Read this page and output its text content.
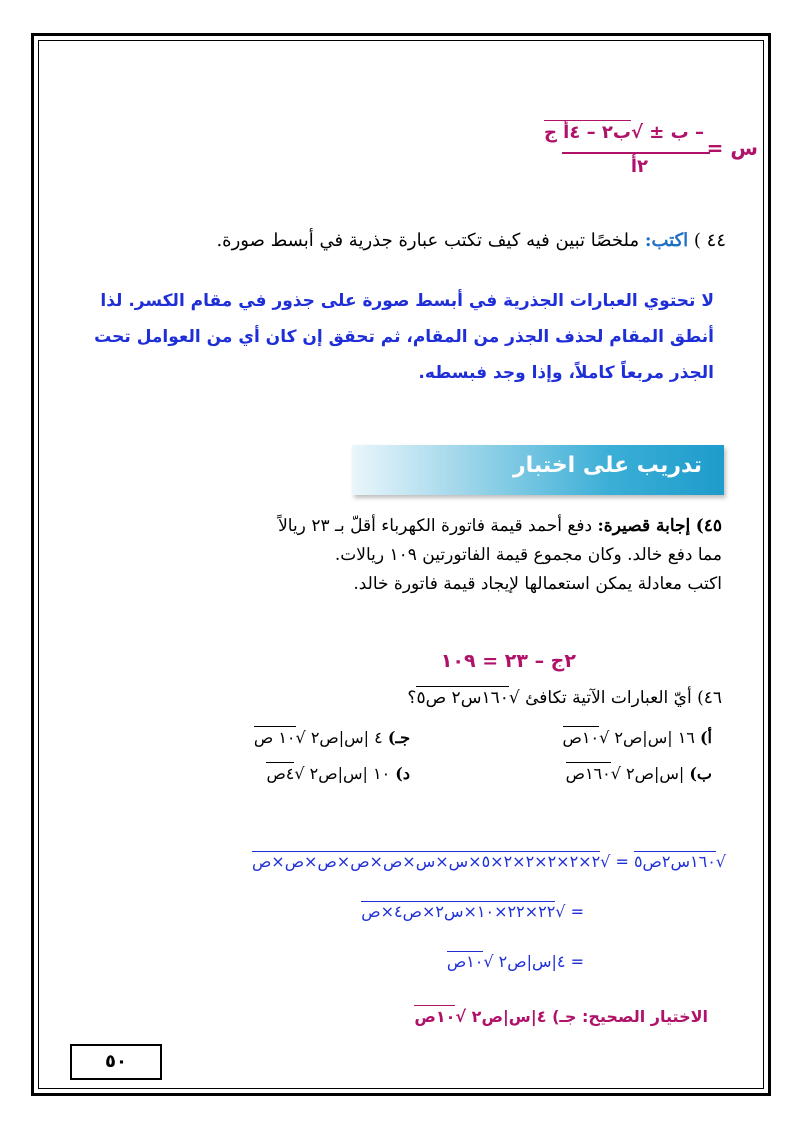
س =
– ب ± √ب٢ – ٤أ ج
٢أ
٤٤ ) اكتب: ملخصًا تبين فيه كيف تكتب عبارة جذرية في أبسط صورة.
لا تحتوي العبارات الجذرية في أبسط صورة على جذور في مقام الكسر. لذا
أنطق المقام لحذف الجذر من المقام، ثم تحقق إن كان أي من العوامل تحت
الجذر مربعاً كاملاً، وإذا وجد فبسطه.
تدريب على اختبار
٤٥) إجابة قصيرة: دفع أحمد قيمة فاتورة الكهرباء أقلّ بـ ٢٣ ريالاً
مما دفع خالد. وكان مجموع قيمة الفاتورتين ١٠٩ ريالات.
اكتب معادلة يمكن استعمالها لإيجاد قيمة فاتورة خالد.
٢ج – ٢٣ = ١٠٩
٤٦) أيّ العبارات الآتية تكافئ √١٦٠س٢ ص٥؟
أ) ١٦ |س|ص٢ √١٠ص
جـ) ٤ |س|ص٢ √١٠ ص
ب) |س|ص٢ √١٦٠ص
د) ١٠ |س|ص٢ √٤ص
√١٦٠س٢ص٥ = √٢×٢×٢×٢×٢×٥×س×س×ص×ص×ص×ص×ص
= √٢٢×٢٢×١٠×س٢×ص٤×ص
= ٤|س|ص٢ √١٠ص
الاختيار الصحيح: جـ) ٤|س|ص٢ √١٠ص
٥٠
